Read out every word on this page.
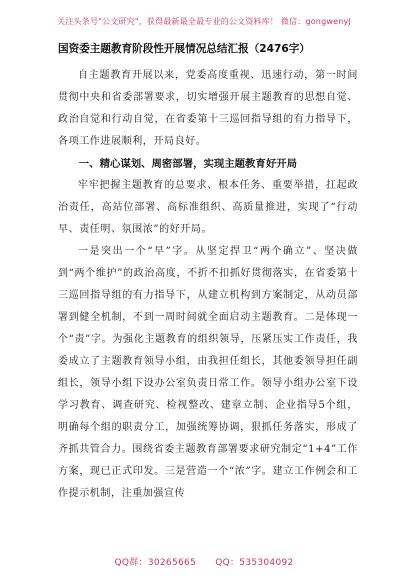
关注头条号"公文研究"，获得最新最全最专业的公文资料库！ 微信：gongwenyj
国资委主题教育阶段性开展情况总结汇报（2476字）

自主题教育开展以来，党委高度重视、迅速行动，第一时间贯彻中央和省委部署要求，切实增强开展主题教育的思想自觉、政治自觉和行动自觉，在省委第十三巡回指导组的有力指导下，各项工作进展顺利，开局良好。

一、精心谋划、周密部署，实现主题教育好开局

牢牢把握主题教育的总要求、根本任务、重要举措，扛起政治责任，高站位部署、高标准组织、高质量推进，实现了“行动早、责任明、氛围浓”的好开局。

一是突出一个“早”字。从坚定捍卫“两个确立”、坚决做到“两个维护”的政治高度，不折不扣抓好贯彻落实，在省委第十三巡回指导组的有力指导下，从建立机构到方案制定，从动员部署到健全机制，不到一周时间就全面启动主题教育。二是体现一个“责”字。为强化主题教育的组织领导，压紧压实工作责任，我委成立了主题教育领导小组，由我担任组长，其他委领导担任副组长，领导小组下设办公室负责日常工作。领导小组办公室下设学习教育、调查研究、检视整改、建章立制、企业指导5个组，明确每个组的职责分工，加强统筹协调，狠抓任务落实，形成了齐抓共管合力。围绕省委主题教育部署要求研究制定“1+4”工作方案，现已正式印发。三是营造一个“浓”字。建立工作例会和工作提示机制，注重加强宣传

QQ群：30265665 QQ：535304092
